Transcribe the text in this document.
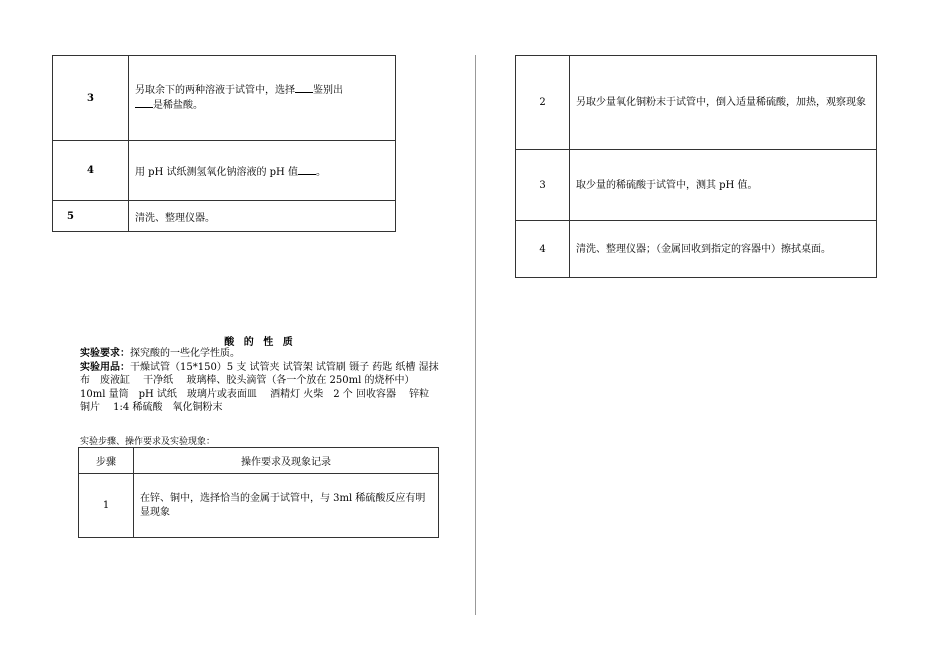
3	另取余下的两种溶液于试管中，选择 鉴别出
是稀盐酸。

4	用 pH 试纸测氢氧化钠溶液的 pH 值 。
5	清洗、整理仪器。
2	另取少量氧化铜粉末于试管中，倒入适量稀硫酸，加热，观察现象
3	取少量的稀硫酸于试管中，测其 pH 值。
4	清洗、整理仪器；（金属回收到指定的容器中）擦拭桌面。
酸 的 性 质
实验要求：探究酸的一些化学性质。
实验用品：干燥试管（15*150）5 支 试管夹 试管架 试管刷 镊子 药匙 纸槽 湿抹布　废液缸　 干净纸　 玻璃棒、胶头滴管（各一个放在 250ml 的烧杯中）　10ml 量筒　pH 试纸　玻璃片或表面皿　 酒精灯 火柴　2 个 回收容器　 锌粒　 铜片　 1:4 稀硫酸　氧化铜粉末
实验步骤、操作要求及实验现象：
步骤	操作要求及现象记录
1	在锌、铜中，选择恰当的金属于试管中，与 3ml 稀硫酸反应有明显现象
